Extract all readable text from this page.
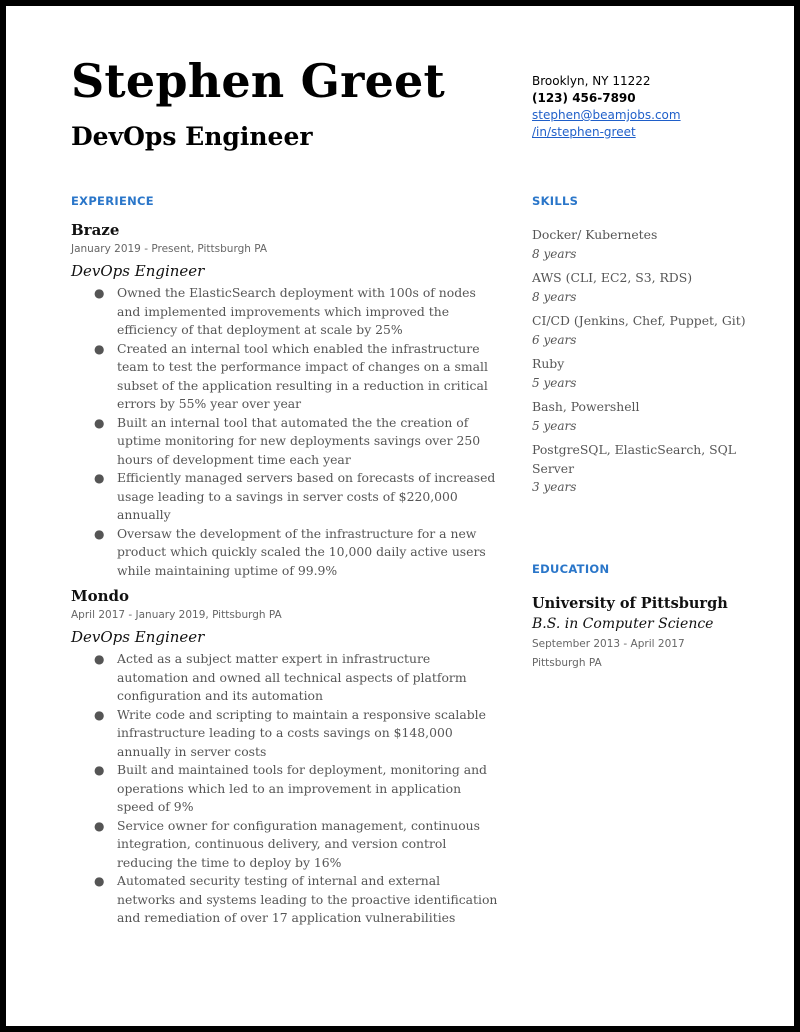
Stephen Greet
DevOps Engineer
Brooklyn, NY 11222
(123) 456-7890
stephen@beamjobs.com
/in/stephen-greet
EXPERIENCE
Braze
January 2019 - Present, Pittsburgh PA
DevOps Engineer
● Owned the ElasticSearch deployment with 100s of nodes and implemented improvements which improved the efficiency of that deployment at scale by 25%
● Created an internal tool which enabled the infrastructure team to test the performance impact of changes on a small subset of the application resulting in a reduction in critical errors by 55% year over year
● Built an internal tool that automated the the creation of uptime monitoring for new deployments savings over 250 hours of development time each year
● Efficiently managed servers based on forecasts of increased usage leading to a savings in server costs of $220,000 annually
● Oversaw the development of the infrastructure for a new product which quickly scaled the 10,000 daily active users while maintaining uptime of 99.9%
Mondo
April 2017 - January 2019, Pittsburgh PA
DevOps Engineer
● Acted as a subject matter expert in infrastructure automation and owned all technical aspects of platform configuration and its automation
● Write code and scripting to maintain a responsive scalable infrastructure leading to a costs savings on $148,000 annually in server costs
● Built and maintained tools for deployment, monitoring and operations which led to an improvement in application speed of 9%
● Service owner for configuration management, continuous integration, continuous delivery, and version control reducing the time to deploy by 16%
● Automated security testing of internal and external networks and systems leading to the proactive identification and remediation of over 17 application vulnerabilities
SKILLS
Docker/ Kubernetes
8 years
AWS (CLI, EC2, S3, RDS)
8 years
CI/CD (Jenkins, Chef, Puppet, Git)
6 years
Ruby
5 years
Bash, Powershell
5 years
PostgreSQL, ElasticSearch, SQL Server
3 years
EDUCATION
University of Pittsburgh
B.S. in Computer Science
September 2013 - April 2017
Pittsburgh PA
